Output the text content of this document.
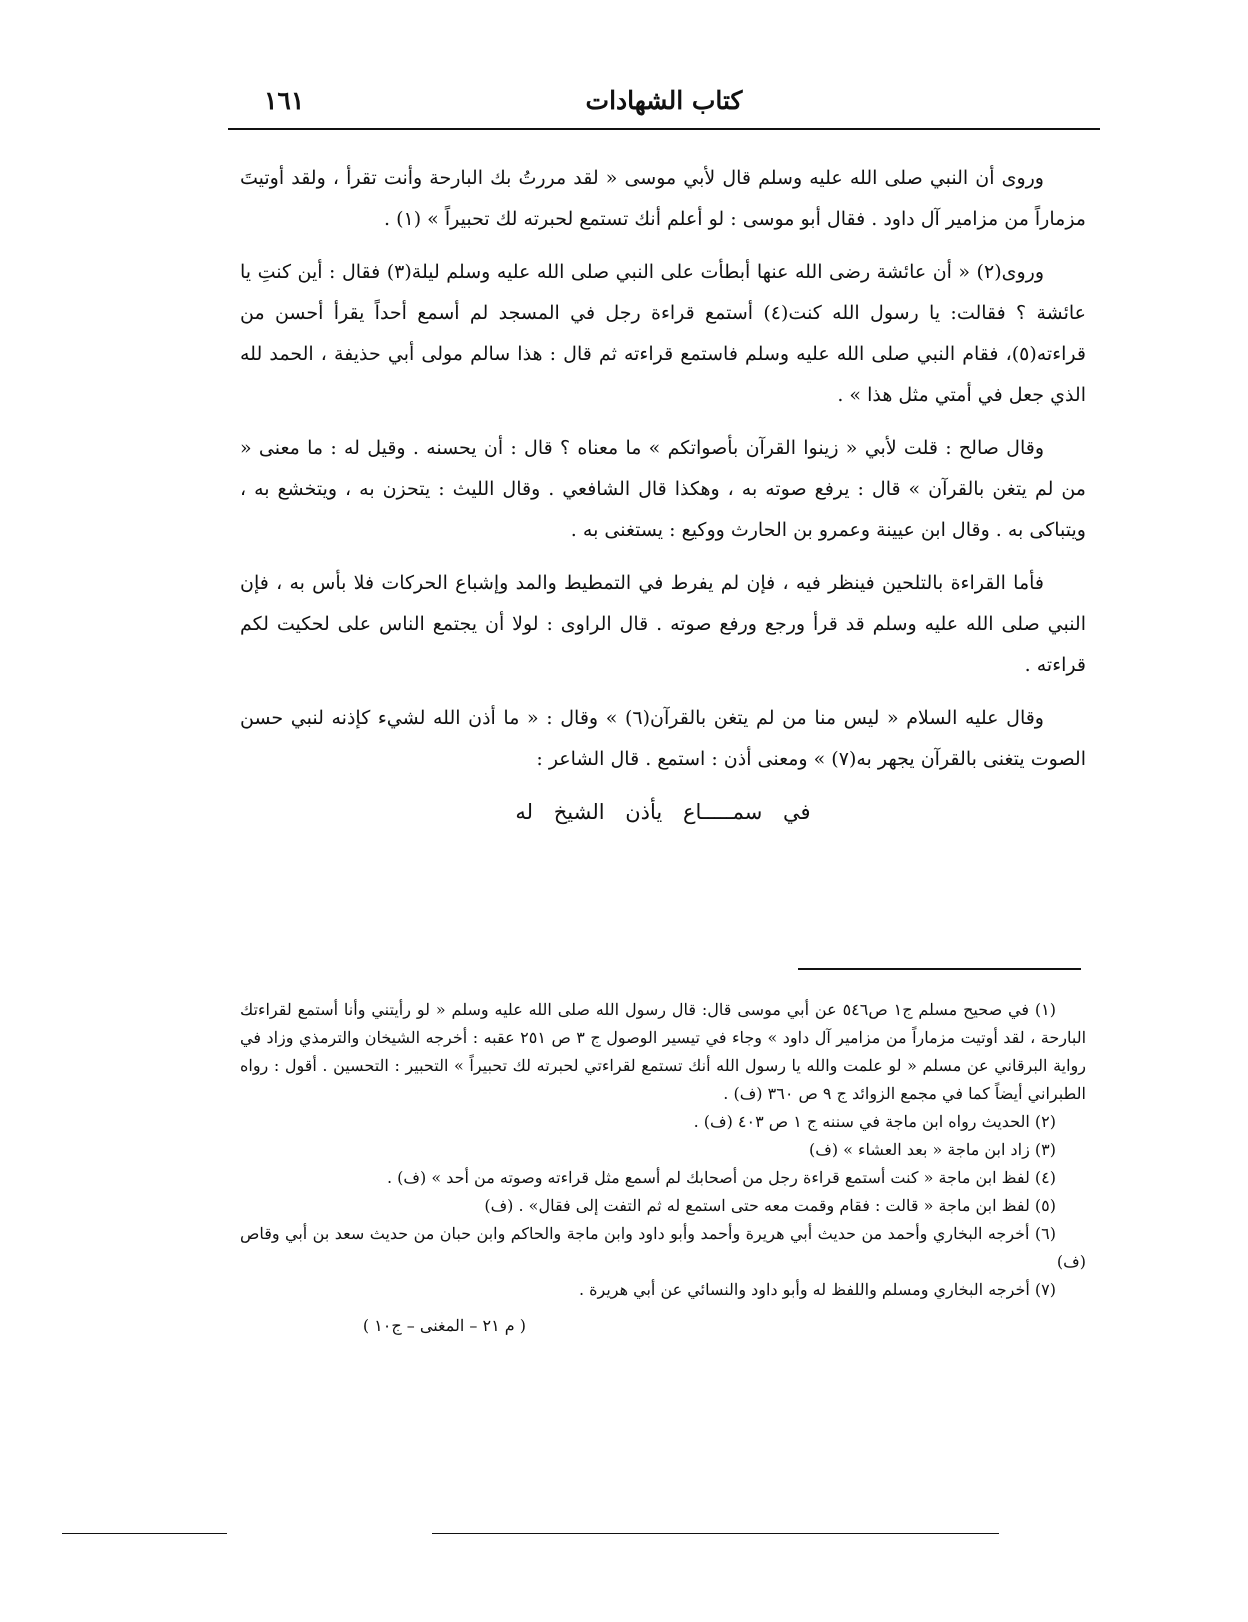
كتاب الشهادات
١٦١

وروى أن النبي صلى الله عليه وسلم قال لأبي موسى « لقد مررتُ بك البارحة وأنت تقرأ ، ولقد أوتيتَ مزماراً من مزامير آل داود . فقال أبو موسى : لو أعلم أنك تستمع لحبرته لك تحبيراً » (١) .

وروى(٢) « أن عائشة رضى الله عنها أبطأت على النبي صلى الله عليه وسلم ليلة(٣) فقال : أين كنتِ يا عائشة ؟ فقالت: يا رسول الله كنت(٤) أستمع قراءة رجل في المسجد لم أسمع أحداً يقرأ أحسن من قراءته(٥)، فقام النبي صلى الله عليه وسلم فاستمع قراءته ثم قال : هذا سالم مولى أبي حذيفة ، الحمد لله الذي جعل في أمتي مثل هذا » .

وقال صالح : قلت لأبي « زينوا القرآن بأصواتكم » ما معناه ؟ قال : أن يحسنه . وقيل له : ما معنى « من لم يتغن بالقرآن » قال : يرفع صوته به ، وهكذا قال الشافعي . وقال الليث : يتحزن به ، ويتخشع به ، ويتباكى به . وقال ابن عيينة وعمرو بن الحارث ووكيع : يستغنى به .

فأما القراءة بالتلحين فينظر فيه ، فإن لم يفرط في التمطيط والمد وإشباع الحركات فلا بأس به ، فإن النبي صلى الله عليه وسلم قد قرأ ورجع ورفع صوته . قال الراوى : لولا أن يجتمع الناس على لحكيت لكم قراءته .

وقال عليه السلام « ليس منا من لم يتغن بالقرآن(٦) » وقال : « ما أذن الله لشيء كإذنه لنبي حسن الصوت يتغنى بالقرآن يجهر به(٧) » ومعنى أذن : استمع . قال الشاعر :

في سمـــــاع يأذن الشيخ له

(١) في صحيح مسلم ج١ ص٥٤٦ عن أبي موسى قال: قال رسول الله صلى الله عليه وسلم « لو رأيتني وأنا أستمع لقراءتك البارحة ، لقد أوتيت مزماراً من مزامير آل داود » وجاء في تيسير الوصول ج ٣ ص ٢٥١ عقبه : أخرجه الشيخان والترمذي وزاد في رواية البرقاني عن مسلم « لو علمت والله يا رسول الله أنك تستمع لقراءتي لحبرته لك تحبيراً » التحبير : التحسين . أقول : رواه الطبراني أيضاً كما في مجمع الزوائد ج ٩ ص ٣٦٠ (ف) .

(٢) الحديث رواه ابن ماجة في سننه ج ١ ص ٤٠٣ (ف) .

(٣) زاد ابن ماجة « بعد العشاء » (ف)

(٤) لفظ ابن ماجة « كنت أستمع قراءة رجل من أصحابك لم أسمع مثل قراءته وصوته من أحد » (ف) .

(٥) لفظ ابن ماجة « قالت : فقام وقمت معه حتى استمع له ثم التفت إلى فقال» . (ف)

(٦) أخرجه البخاري وأحمد من حديث أبي هريرة وأحمد وأبو داود وابن ماجة والحاكم وابن حبان من حديث سعد بن أبي وقاص (ف)

(٧) أخرجه البخاري ومسلم واللفظ له وأبو داود والنسائي عن أبي هريرة .

( م ٢١ – المغنى – ج١٠ )
